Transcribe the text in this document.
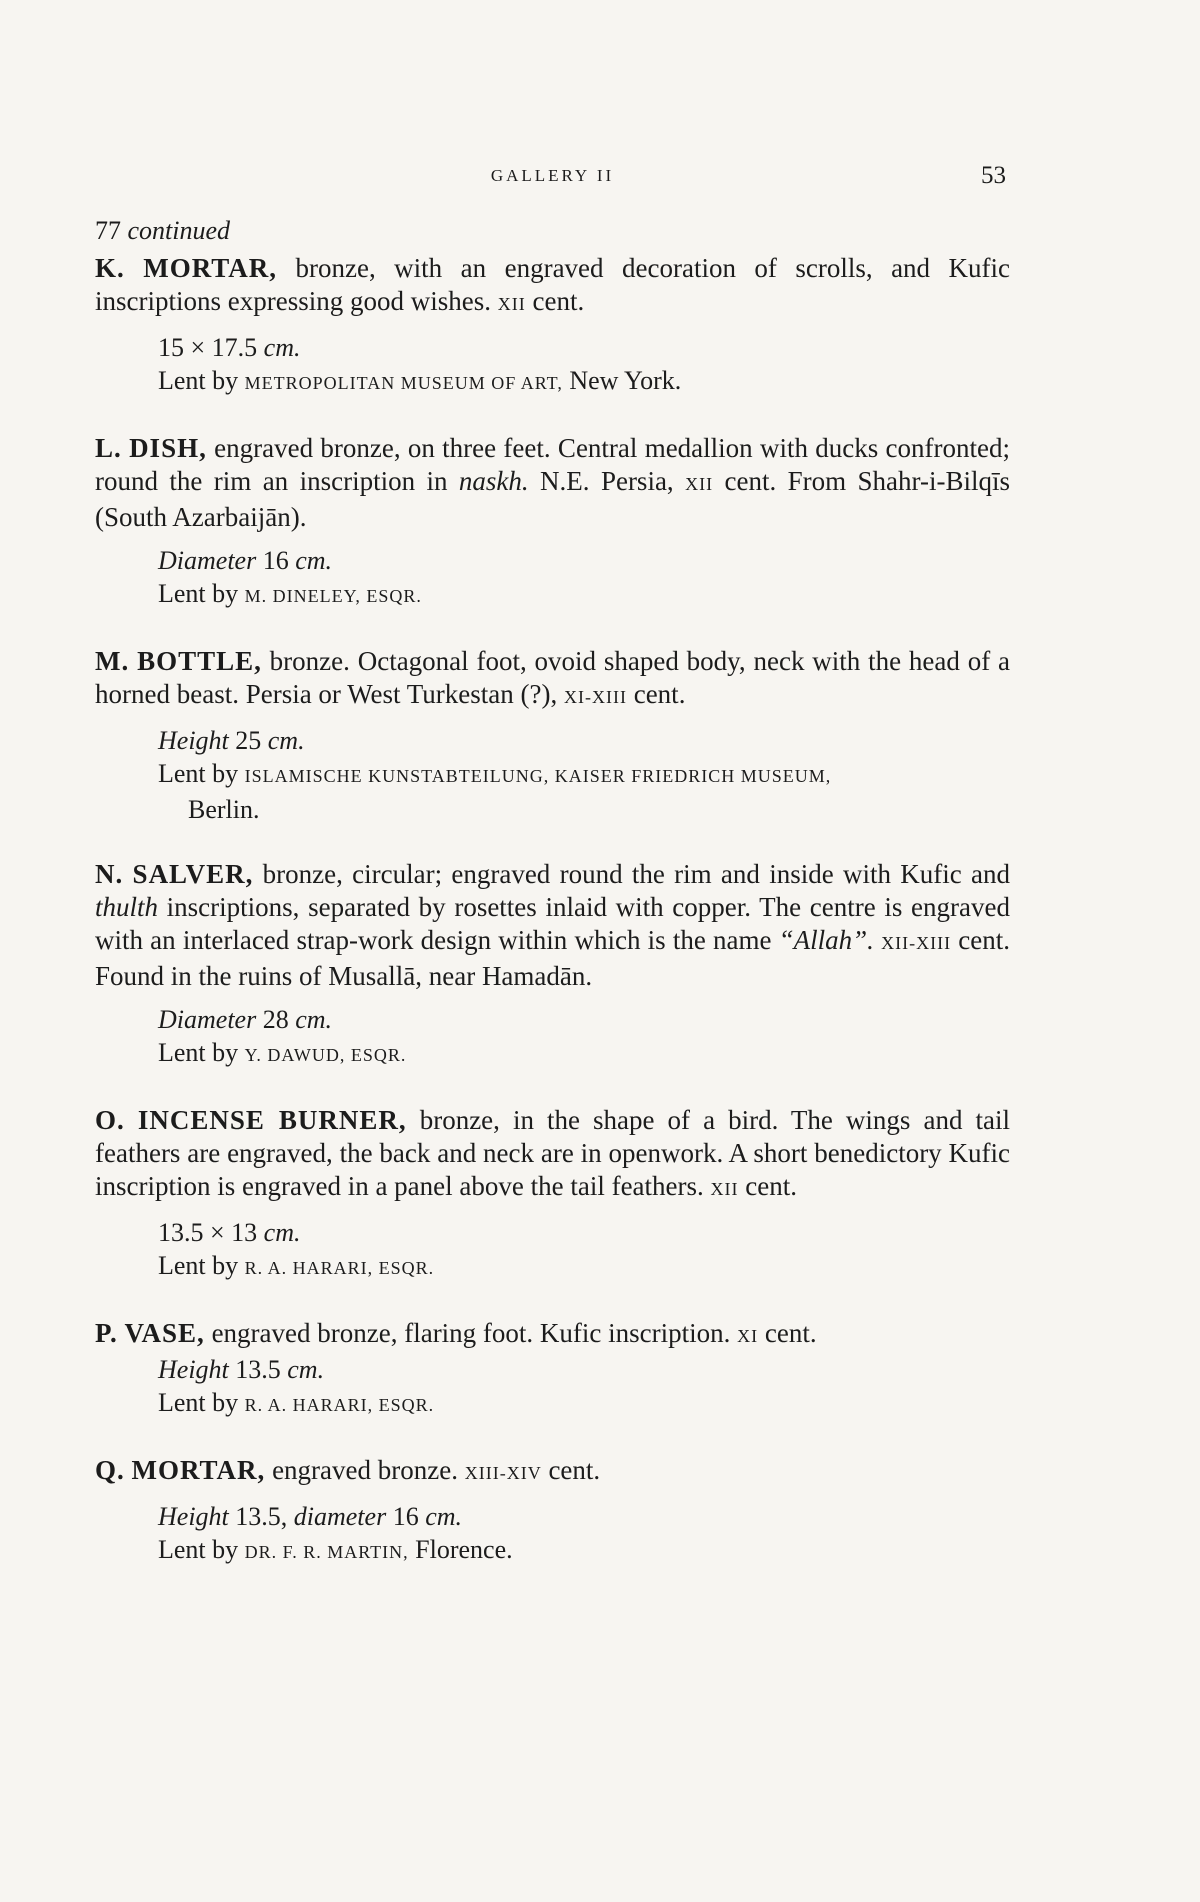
GALLERY II	53
77 continued

K. MORTAR, bronze, with an engraved decoration of scrolls, and Kufic inscriptions expressing good wishes. XII cent.

15 × 17.5 cm.
Lent by METROPOLITAN MUSEUM OF ART, New York.

L. DISH, engraved bronze, on three feet. Central medallion with ducks confronted; round the rim an inscription in naskh. N.E. Persia, XII cent. From Shahr-i-Bilqīs (South Azarbaijān).

Diameter 16 cm.
Lent by M. DINELEY, ESQR.

M. BOTTLE, bronze. Octagonal foot, ovoid shaped body, neck with the head of a horned beast. Persia or West Turkestan (?), XI-XIII cent.

Height 25 cm.
Lent by ISLAMISCHE KUNSTABTEILUNG, KAISER FRIEDRICH MUSEUM,
Berlin.

N. SALVER, bronze, circular; engraved round the rim and inside with Kufic and thulth inscriptions, separated by rosettes inlaid with copper. The centre is engraved with an interlaced strap-work design within which is the name “Allah”. XII-XIII cent. Found in the ruins of Musallā, near Hamadān.

Diameter 28 cm.
Lent by Y. DAWUD, ESQR.

O. INCENSE BURNER, bronze, in the shape of a bird. The wings and tail feathers are engraved, the back and neck are in openwork. A short benedictory Kufic inscription is engraved in a panel above the tail feathers. XII cent.

13.5 × 13 cm.
Lent by R. A. HARARI, ESQR.

P. VASE, engraved bronze, flaring foot. Kufic inscription. XI cent.

Height 13.5 cm.
Lent by R. A. HARARI, ESQR.

Q. MORTAR, engraved bronze. XIII-XIV cent.

Height 13.5, diameter 16 cm.
Lent by DR. F. R. MARTIN, Florence.
